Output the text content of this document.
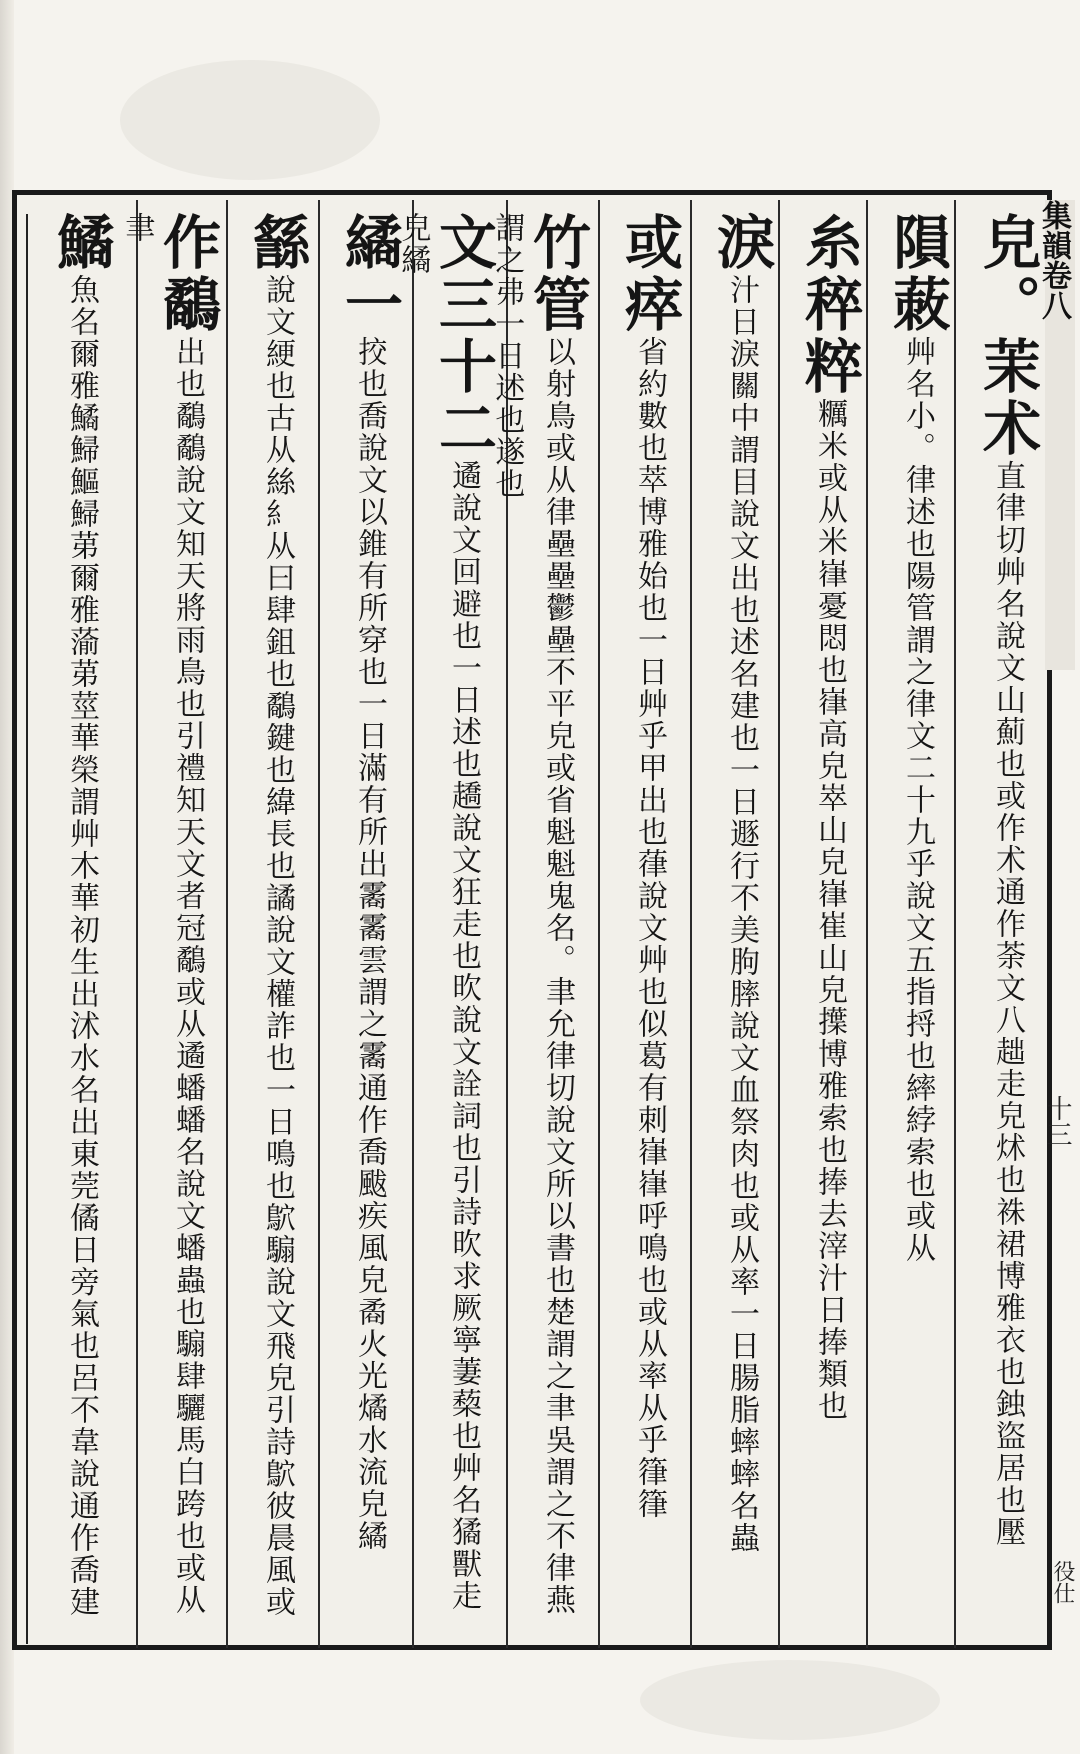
集韻卷八
十三
役仕
皃。茉术直律切艸名說文山薊也或作术通作荼文八趉走皃炢也袾裙博雅衣也鉵盜居也壓
隕蓛艸名小。律述也陽管謂之律文二十九乎說文五指捋也繂綍索也或从
糸稡粹糲米或从米嵂憂悶也嵂高皃崒山皃嵂崔山皃擛博雅索也捧去滓汁日捧類也
淚汁日淚關中謂目說文出也述名建也一日遯行不美朐膟說文血祭肉也或从率一日腸脂蟀蟀名蟲
或瘁省約數也萃博雅始也一日艸乎甲出也葎說文艸也似葛有刺嵂嵂呼鳴也或从率从乎箻箻
竹管以射鳥或从律壘壘鬱壘不平皃或省魁魁鬼名。聿允律切說文所以書也楚謂之聿吳謂之不律燕謂之弗一日述也遂也
文三十二遹說文回避也一日述也趫說文狂走也欥說文詮詞也引詩欥求厥寧萋蔾也艸名獝獸走皃繘
繘一挍也喬說文以錐有所穿也一日滿有所出霱霱雲謂之霱通作喬颰疾風皃矞火光燏水流皃繘
䌛說文綆也古从絲糹从曰肆鉏也鷸鍵也緯長也譎說文權詐也一日鳴也鴥騸說文飛皃引詩鴥彼晨風或
作鷸出也鷸鷸說文知天將雨鳥也引禮知天文者冠鷸或从遹蟠蟠名說文蟠蟲也騸肆驪馬白跨也或从聿
鱊魚名爾雅鱊鯞鰸鯞苐爾雅蕍苐莖華榮謂艸木華初生出沭水名出東莞僪日旁氣也呂不韋說通作喬建
